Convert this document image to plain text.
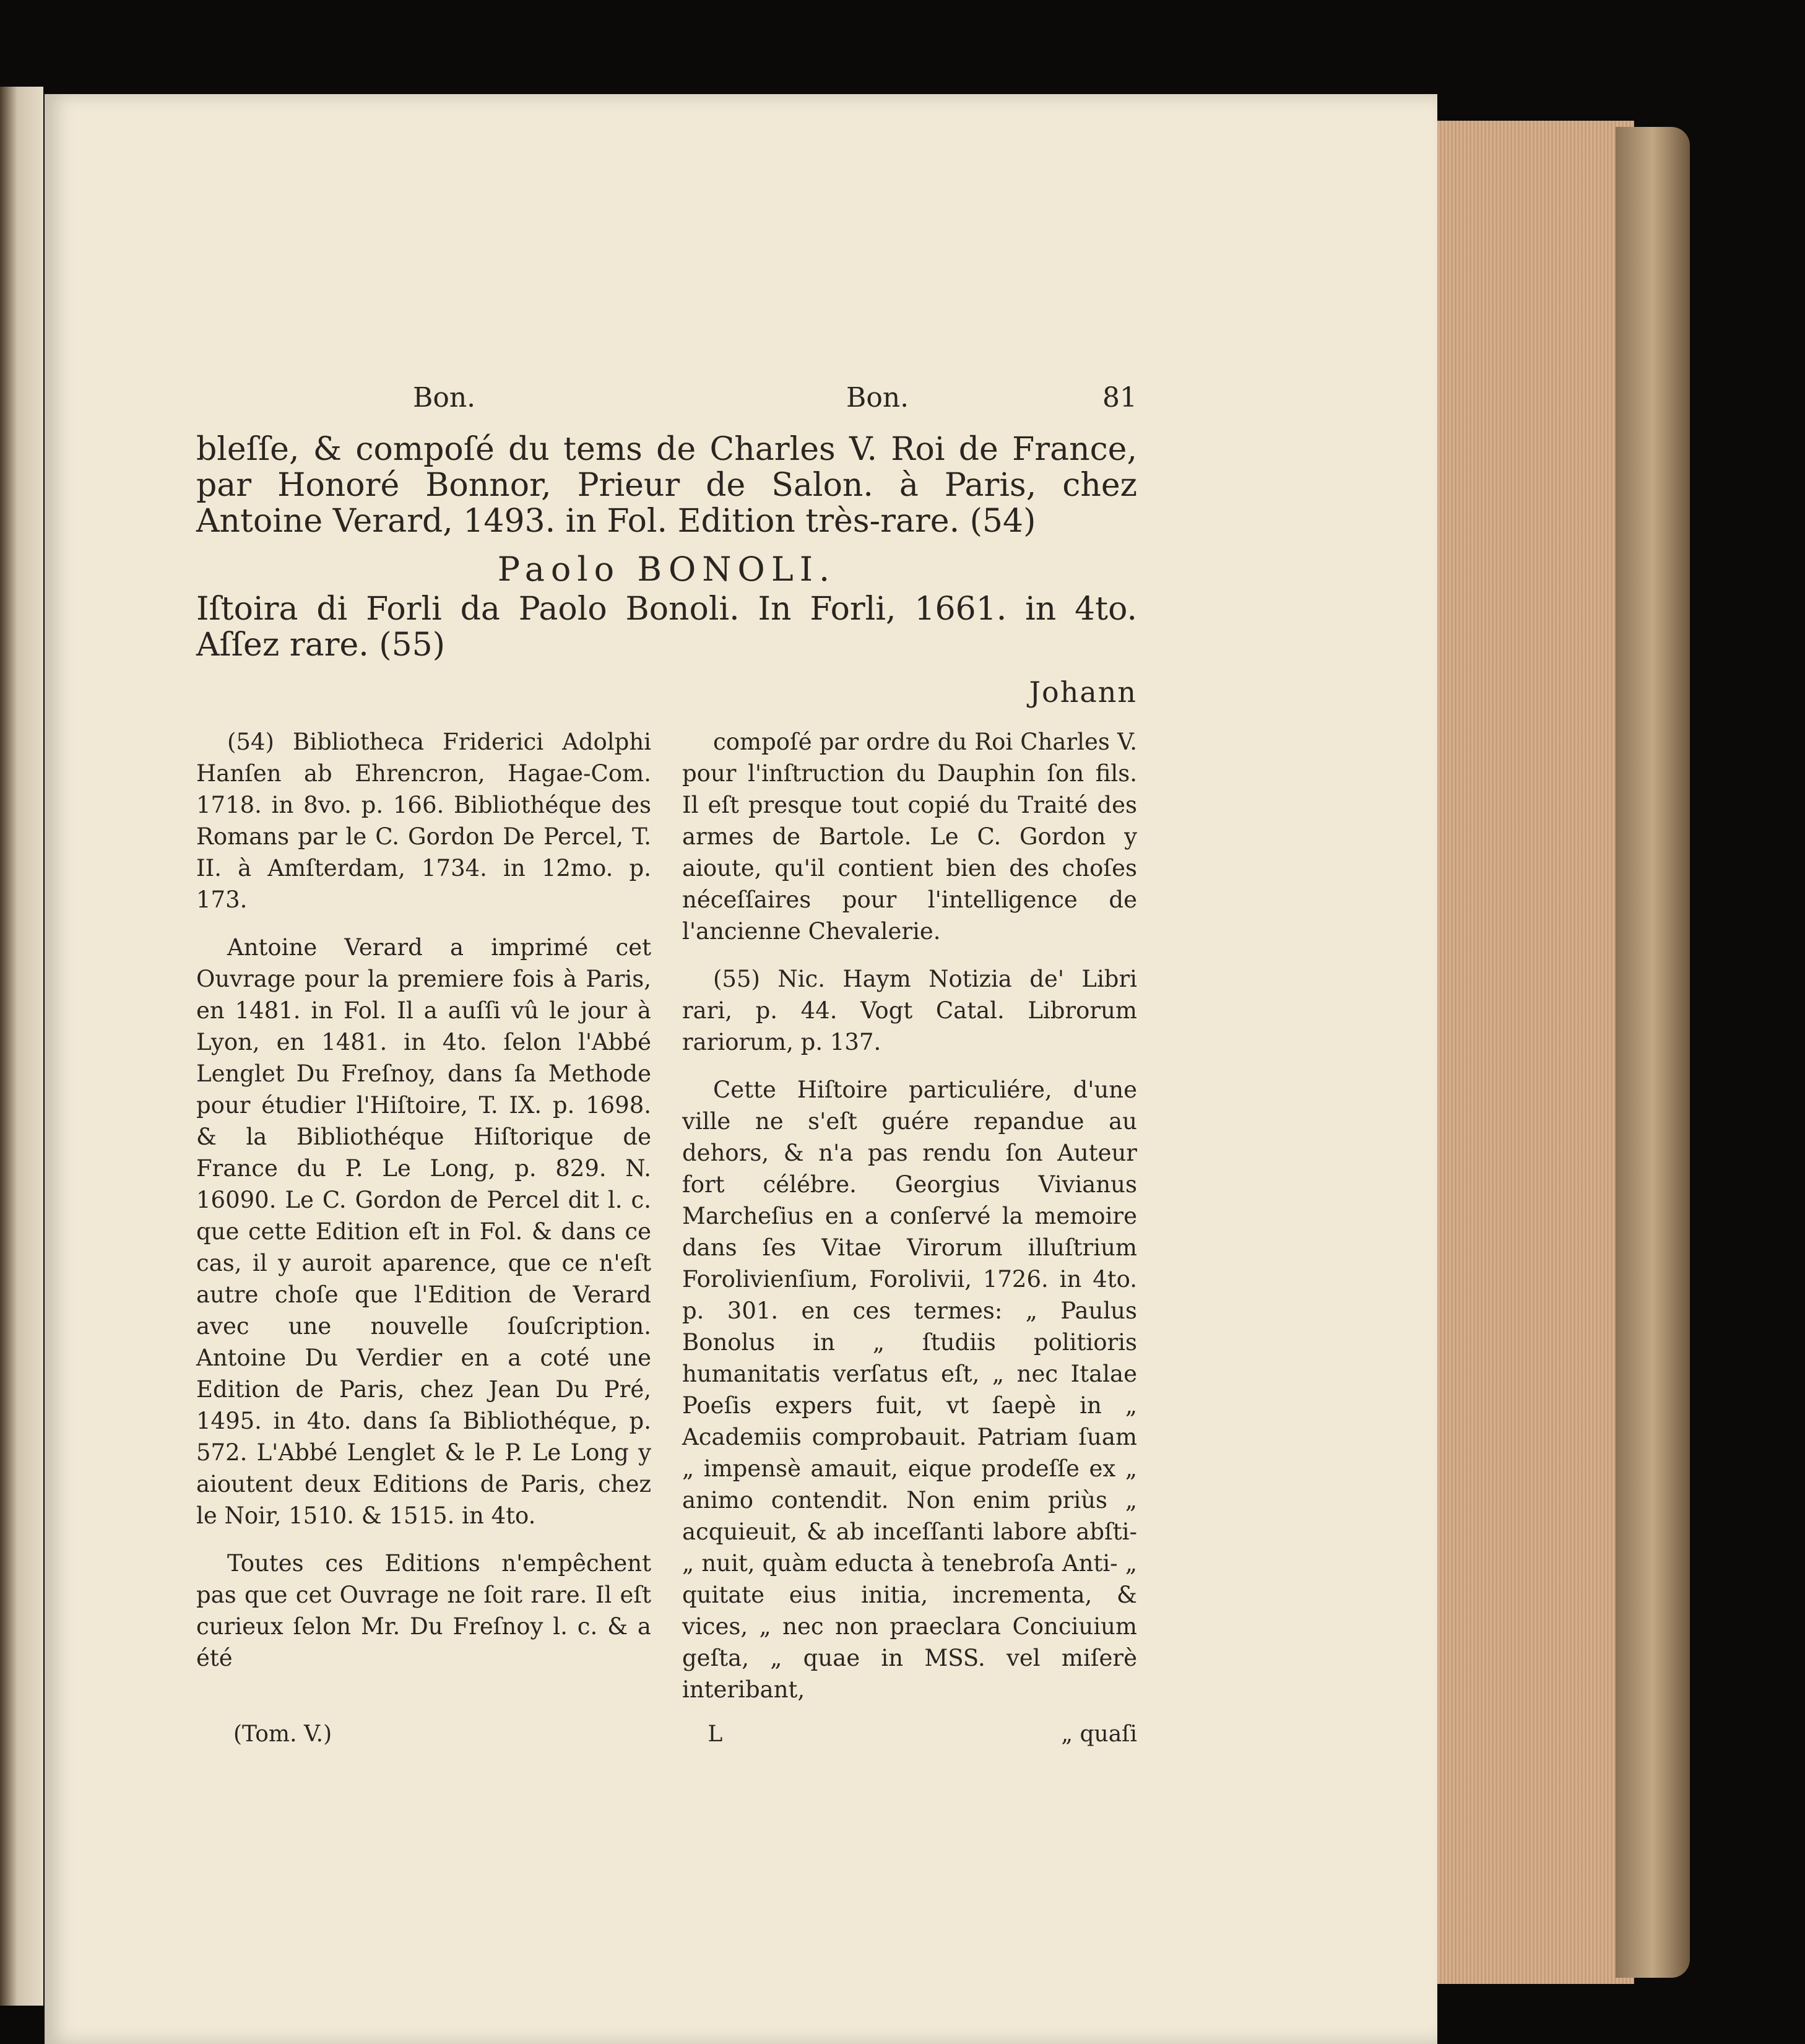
Bon.	Bon.	81

bleſſe, & compoſé du tems de Charles V. Roi de France, par Honoré Bonnor, Prieur de Salon. à Paris, chez Antoine Verard, 1493. in Fol. Edition très-rare. (54)

Paolo BONOLI.

Iſtoira di Forli da Paolo Bonoli. In Forli, 1661. in 4to. Aſſez rare. (55)

Johann

(54) Bibliotheca Friderici Adolphi Hanſen ab Ehrencron, Hagae-Com. 1718. in 8vo. p. 166. Bibliothéque des Romans par le C. Gordon De Percel, T. II. à Amſterdam, 1734. in 12mo. p. 173.

Antoine Verard a imprimé cet Ouvrage pour la premiere fois à Paris, en 1481. in Fol. Il a auſſi vû le jour à Lyon, en 1481. in 4to. ſelon l'Abbé Lenglet Du Freſnoy, dans ſa Methode pour étudier l'Hiſtoire, T. IX. p. 1698. & la Bibliothéque Hiſtorique de France du P. Le Long, p. 829. N. 16090. Le C. Gordon de Percel dit l. c. que cette Edition eſt in Fol. & dans ce cas, il y auroit aparence, que ce n'eſt autre choſe que l'Edition de Verard avec une nouvelle ſouſcription. Antoine Du Verdier en a coté une Edition de Paris, chez Jean Du Pré, 1495. in 4to. dans ſa Bibliothéque, p. 572. L'Abbé Lenglet & le P. Le Long y aioutent deux Editions de Paris, chez le Noir, 1510. & 1515. in 4to.

Toutes ces Editions n'empêchent pas que cet Ouvrage ne ſoit rare. Il eſt curieux ſelon Mr. Du Freſnoy l. c. & a été

compoſé par ordre du Roi Charles V. pour l'inſtruction du Dauphin ſon fils. Il eſt presque tout copié du Traité des armes de Bartole. Le C. Gordon y aioute, qu'il contient bien des choſes néceſſaires pour l'intelligence de l'ancienne Chevalerie.

(55) Nic. Haym Notizia de' Libri rari, p. 44. Vogt Catal. Librorum rariorum, p. 137.

Cette Hiſtoire particuliére, d'une ville ne s'eſt guére repandue au dehors, & n'a pas rendu ſon Auteur fort célébre. Georgius Vivianus Marcheſius en a conſervé la memoire dans ſes Vitae Virorum illuſtrium Forolivienſium, Forolivii, 1726. in 4to. p. 301. en ces termes: „ Paulus Bonolus in „ ſtudiis politioris humanitatis verſatus eſt, „ nec Italae Poeſis expers fuit, vt ſaepè in „ Academiis comprobauit. Patriam ſuam „ impensè amauit, eique prodeſſe ex „ animo contendit. Non enim priùs „ acquieuit, & ab inceſſanti labore abſti- „ nuit, quàm educta à tenebroſa Anti- „ quitate eius initia, incrementa, & vices, „ nec non praeclara Conciuium geſta, „ quae in MSS. vel miſerè interibant,

(Tom. V.)	L	„ quaſi
